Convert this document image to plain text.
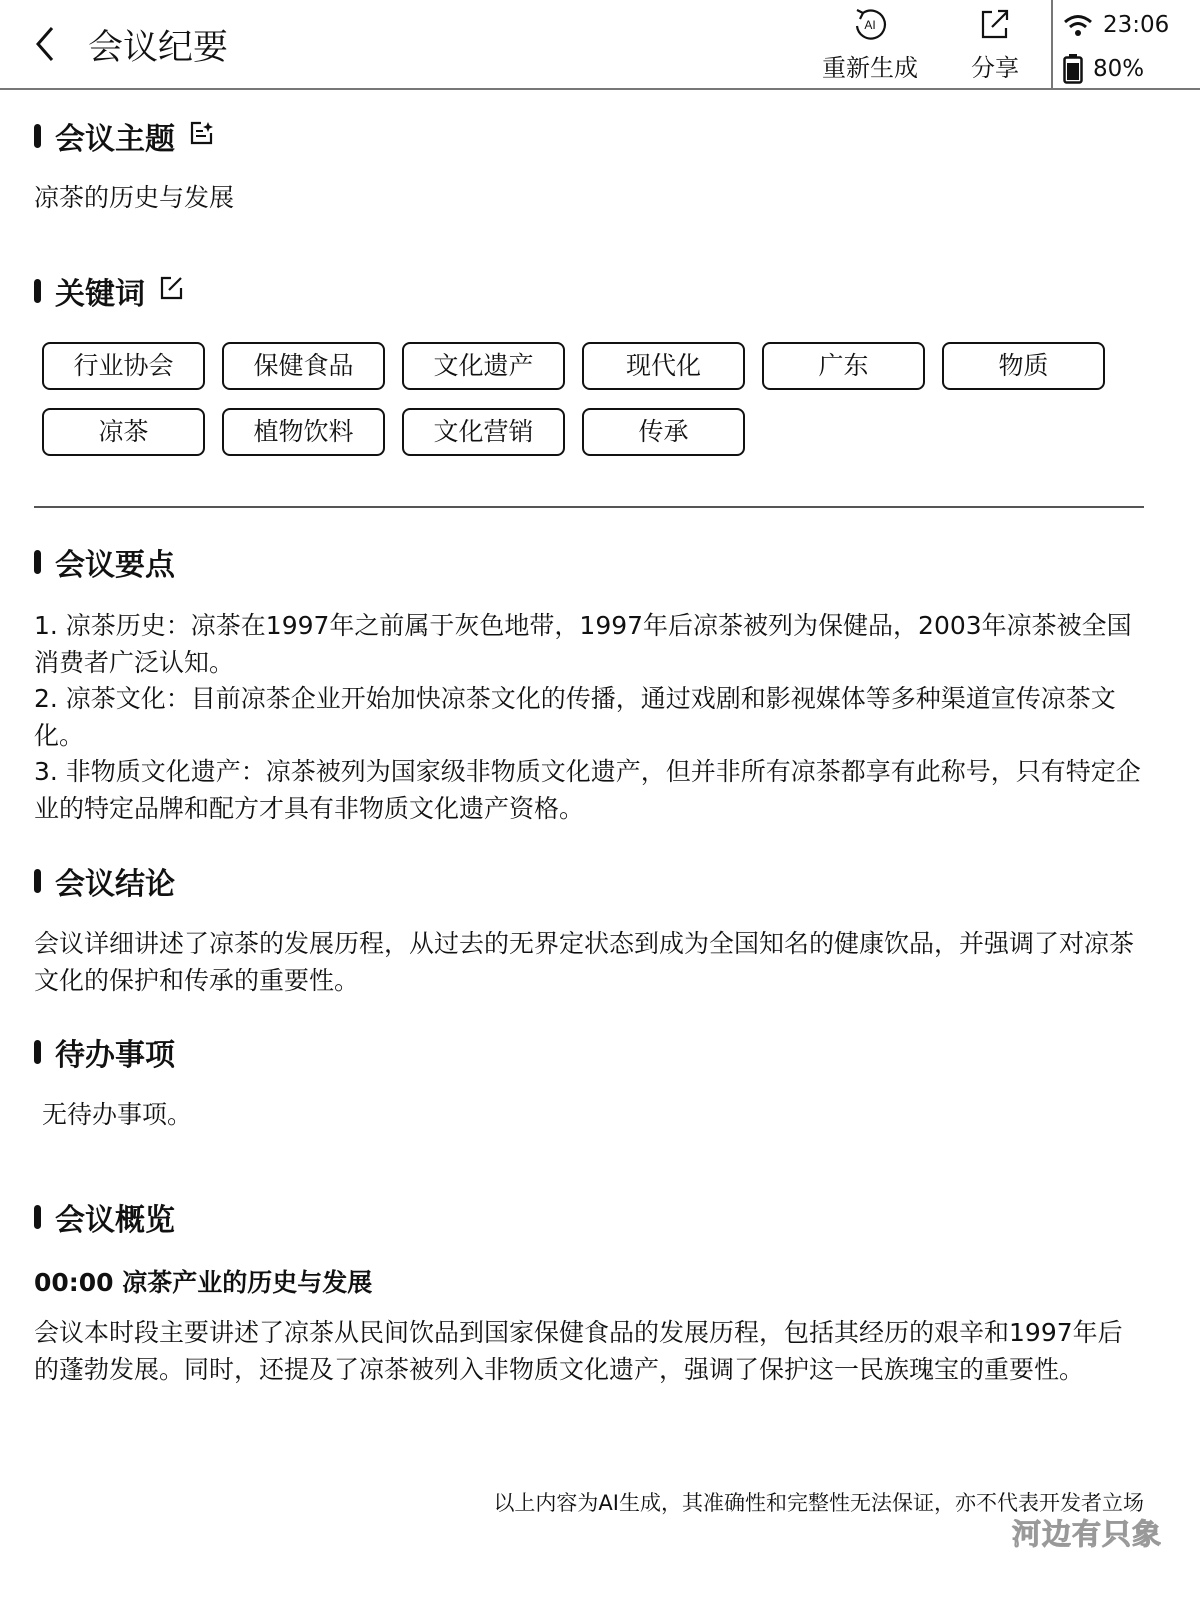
会议纪要
AI
重新生成	分享
23:06
80%
会议主题
凉茶的历史与发展
关键词
行业协会	保健食品	文化遗产	现代化	广东	物质
凉茶	植物饮料	文化营销	传承
会议要点
1. 凉茶历史：凉茶在1997年之前属于灰色地带，1997年后凉茶被列为保健品，2003年凉茶被全国消费者广泛认知。
2. 凉茶文化：目前凉茶企业开始加快凉茶文化的传播，通过戏剧和影视媒体等多种渠道宣传凉茶文化。
3. 非物质文化遗产：凉茶被列为国家级非物质文化遗产，但并非所有凉茶都享有此称号，只有特定企业的特定品牌和配方才具有非物质文化遗产资格。
会议结论
会议详细讲述了凉茶的发展历程，从过去的无界定状态到成为全国知名的健康饮品，并强调了对凉茶文化的保护和传承的重要性。
待办事项
无待办事项。
会议概览
00:00 凉茶产业的历史与发展
会议本时段主要讲述了凉茶从民间饮品到国家保健食品的发展历程，包括其经历的艰辛和1997年后的蓬勃发展。同时，还提及了凉茶被列入非物质文化遗产，强调了保护这一民族瑰宝的重要性。
以上内容为AI生成，其准确性和完整性无法保证，亦不代表开发者立场
河边有只象
